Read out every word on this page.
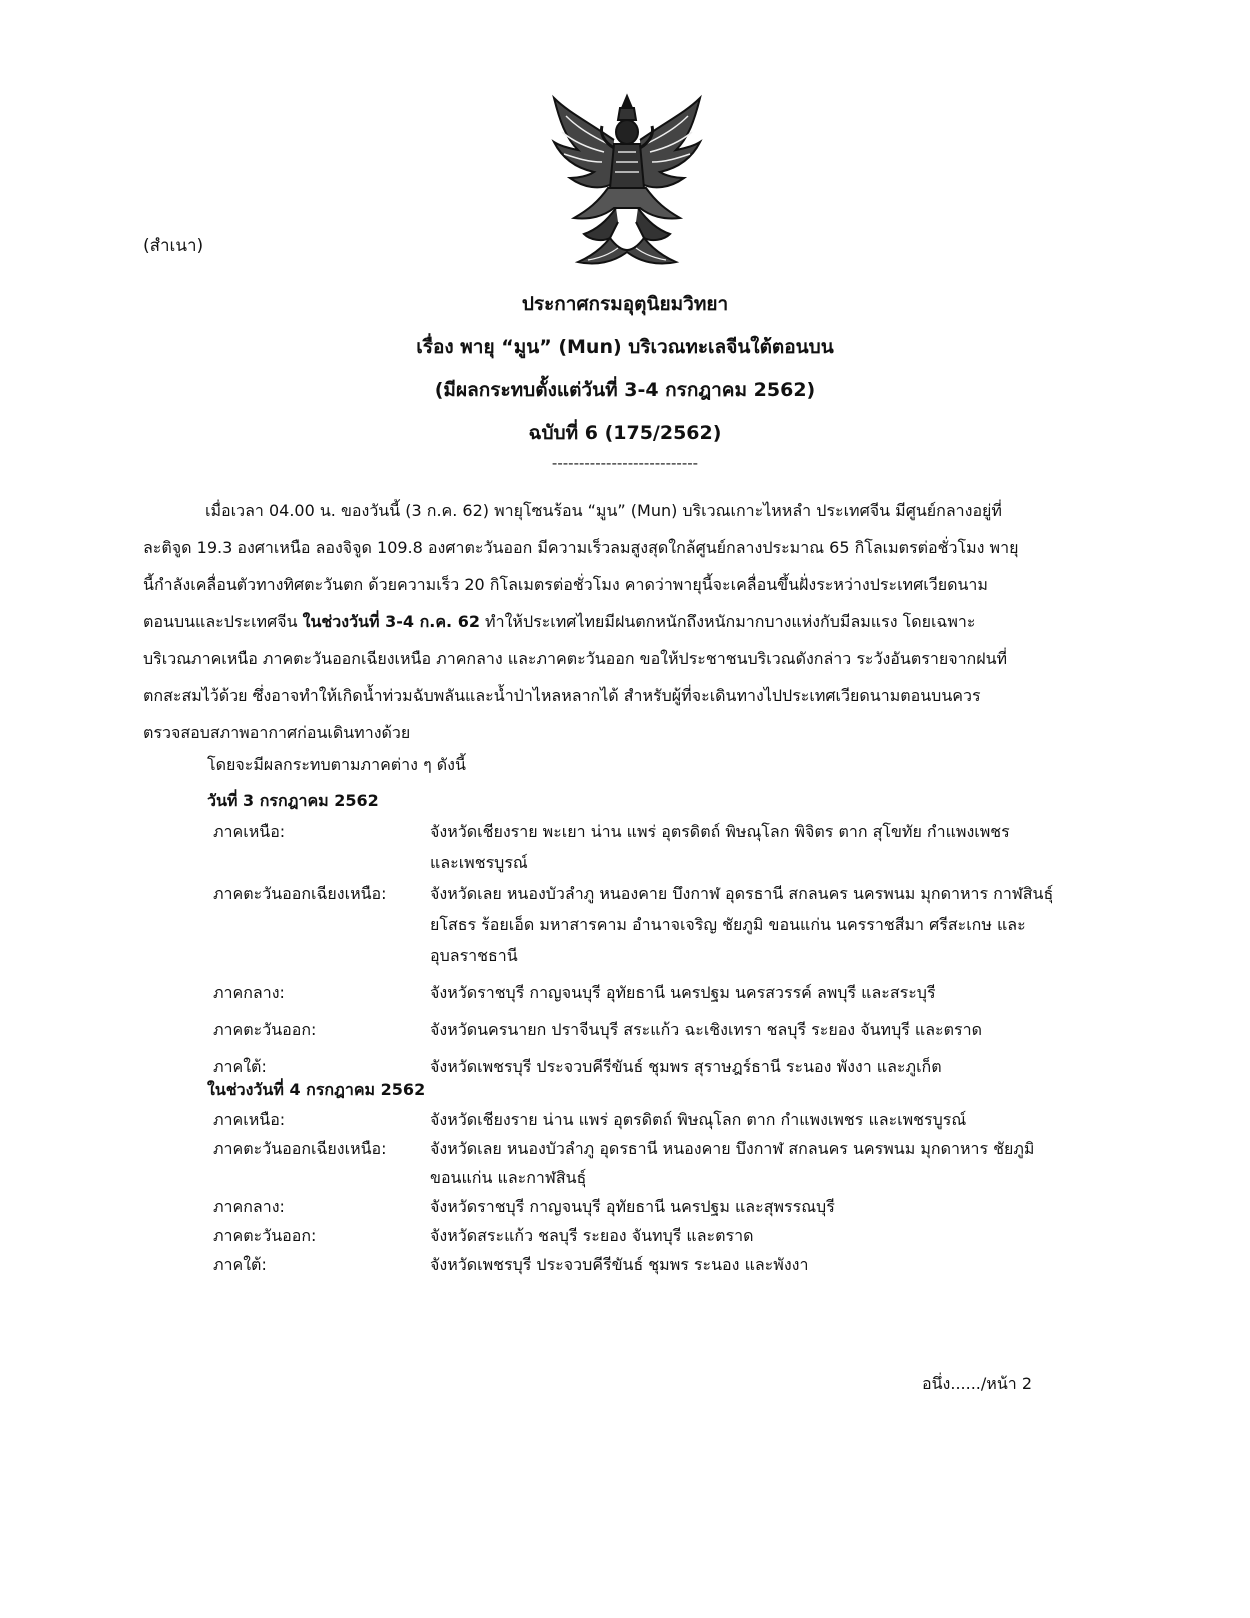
(สำเนา)
ประกาศกรมอุตุนิยมวิทยา
เรื่อง พายุ “มูน” (Mun) บริเวณทะเลจีนใต้ตอนบน
(มีผลกระทบตั้งแต่วันที่ 3-4 กรกฎาคม 2562)
ฉบับที่ 6 (175/2562)
---------------------------
เมื่อเวลา 04.00 น. ของวันนี้ (3 ก.ค. 62) พายุโซนร้อน “มูน” (Mun) บริเวณเกาะไหหลำ ประเทศจีน มีศูนย์กลางอยู่ที่
ละติจูด 19.3 องศาเหนือ ลองจิจูด 109.8 องศาตะวันออก มีความเร็วลมสูงสุดใกล้ศูนย์กลางประมาณ 65 กิโลเมตรต่อชั่วโมง พายุ
นี้กำลังเคลื่อนตัวทางทิศตะวันตก ด้วยความเร็ว 20 กิโลเมตรต่อชั่วโมง คาดว่าพายุนี้จะเคลื่อนขึ้นฝั่งระหว่างประเทศเวียดนาม
ตอนบนและประเทศจีน ในช่วงวันที่ 3-4 ก.ค. 62 ทำให้ประเทศไทยมีฝนตกหนักถึงหนักมากบางแห่งกับมีลมแรง โดยเฉพาะ
บริเวณภาคเหนือ ภาคตะวันออกเฉียงเหนือ ภาคกลาง และภาคตะวันออก ขอให้ประชาชนบริเวณดังกล่าว ระวังอันตรายจากฝนที่
ตกสะสมไว้ด้วย ซึ่งอาจทำให้เกิดน้ำท่วมฉับพลันและน้ำป่าไหลหลากได้ สำหรับผู้ที่จะเดินทางไปประเทศเวียดนามตอนบนควร
ตรวจสอบสภาพอากาศก่อนเดินทางด้วย
โดยจะมีผลกระทบตามภาคต่าง ๆ ดังนี้
วันที่ 3 กรกฎาคม 2562
ภาคเหนือ:	จังหวัดเชียงราย พะเยา น่าน แพร่ อุตรดิตถ์ พิษณุโลก พิจิตร ตาก สุโขทัย กำแพงเพชร
และเพชรบูรณ์
ภาคตะวันออกเฉียงเหนือ:	จังหวัดเลย หนองบัวลำภู หนองคาย บึงกาฬ อุดรธานี สกลนคร นครพนม มุกดาหาร กาฬสินธุ์
ยโสธร ร้อยเอ็ด มหาสารคาม อำนาจเจริญ ชัยภูมิ ขอนแก่น นครราชสีมา ศรีสะเกษ และ
อุบลราชธานี
ภาคกลาง:	จังหวัดราชบุรี กาญจนบุรี อุทัยธานี นครปฐม นครสวรรค์ ลพบุรี และสระบุรี
ภาคตะวันออก:	จังหวัดนครนายก ปราจีนบุรี สระแก้ว ฉะเชิงเทรา ชลบุรี ระยอง จันทบุรี และตราด
ภาคใต้:	จังหวัดเพชรบุรี ประจวบคีรีขันธ์ ชุมพร สุราษฎร์ธานี ระนอง พังงา และภูเก็ต
ในช่วงวันที่ 4 กรกฎาคม 2562
ภาคเหนือ:	จังหวัดเชียงราย น่าน แพร่ อุตรดิตถ์ พิษณุโลก ตาก กำแพงเพชร และเพชรบูรณ์
ภาคตะวันออกเฉียงเหนือ:	จังหวัดเลย หนองบัวลำภู อุดรธานี หนองคาย บึงกาฬ สกลนคร นครพนม มุกดาหาร ชัยภูมิ
ขอนแก่น และกาฬสินธุ์
ภาคกลาง:	จังหวัดราชบุรี กาญจนบุรี อุทัยธานี นครปฐม และสุพรรณบุรี
ภาคตะวันออก:	จังหวัดสระแก้ว ชลบุรี ระยอง จันทบุรี และตราด
ภาคใต้:	จังหวัดเพชรบุรี ประจวบคีรีขันธ์ ชุมพร ระนอง และพังงา
อนึ่ง....../หน้า 2
